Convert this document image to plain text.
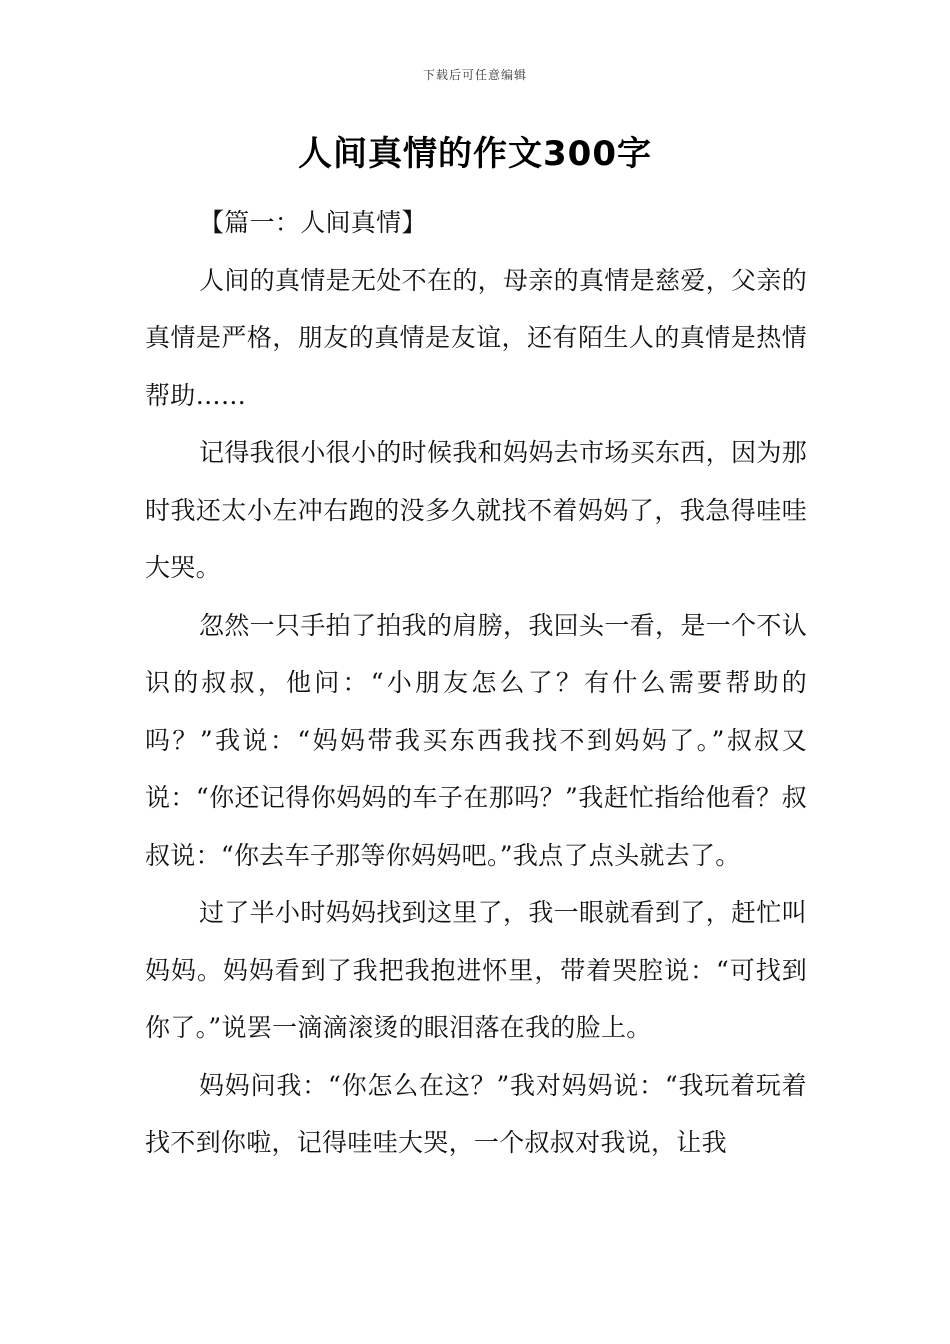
下载后可任意编辑
人间真情的作文300字

【篇一：人间真情】

人间的真情是无处不在的，母亲的真情是慈爱，父亲的真情是严格，朋友的真情是友谊，还有陌生人的真情是热情帮助……

记得我很小很小的时候我和妈妈去市场买东西，因为那时我还太小左冲右跑的没多久就找不着妈妈了，我急得哇哇大哭。

忽然一只手拍了拍我的肩膀，我回头一看，是一个不认识的叔叔，他问：“小朋友怎么了？有什么需要帮助的吗？”我说：“妈妈带我买东西我找不到妈妈了。”叔叔又说：“你还记得你妈妈的车子在那吗？”我赶忙指给他看？叔叔说：“你去车子那等你妈妈吧。”我点了点头就去了。

过了半小时妈妈找到这里了，我一眼就看到了，赶忙叫妈妈。妈妈看到了我把我抱进怀里，带着哭腔说：“可找到你了。”说罢一滴滴滚烫的眼泪落在我的脸上。

妈妈问我：“你怎么在这？”我对妈妈说：“我玩着玩着找不到你啦，记得哇哇大哭，一个叔叔对我说，让我
